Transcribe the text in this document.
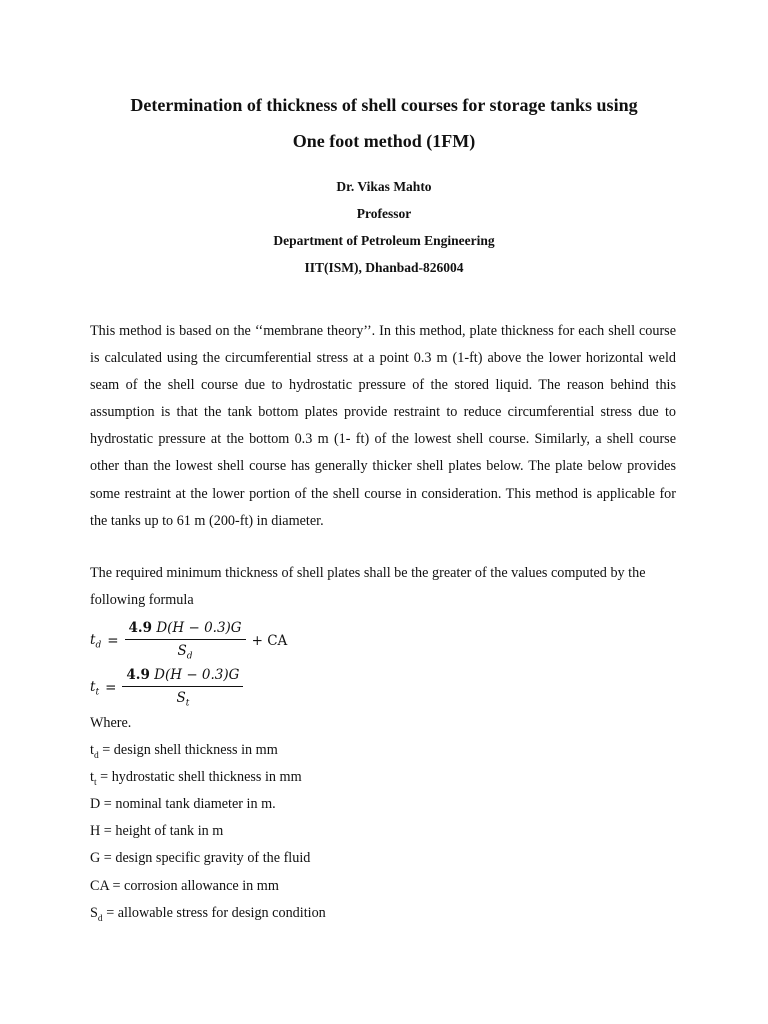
Determination of thickness of shell courses for storage tanks using
One foot method (1FM)
Dr. Vikas Mahto
Professor
Department of Petroleum Engineering
IIT(ISM), Dhanbad-826004
This method is based on the ‘‘membrane theory’’. In this method, plate thickness for each shell course is calculated using the circumferential stress at a point 0.3 m (1-ft) above the lower horizontal weld seam of the shell course due to hydrostatic pressure of the stored liquid. The reason behind this assumption is that the tank bottom plates provide restraint to reduce circumferential stress due to hydrostatic pressure at the bottom 0.3 m (1- ft) of the lowest shell course. Similarly, a shell course other than the lowest shell course has generally thicker shell plates below. The plate below provides some restraint at the lower portion of the shell course in consideration. This method is applicable for the tanks up to 61 m (200-ft) in diameter.
The required minimum thickness of shell plates shall be the greater of the values computed by the following formula
$t_d = \frac{4.9 D(H - 0.3)G}{S_d}$ + CA
$t_t = \frac{4.9 D(H - 0.3)G}{S_t}$
Where.
$t_d$ = design shell thickness in mm
$t_t$ = hydrostatic shell thickness in mm
D = nominal tank diameter in m.
H = height of tank in m
G = design specific gravity of the fluid
CA = corrosion allowance in mm
$S_d$ = allowable stress for design condition
